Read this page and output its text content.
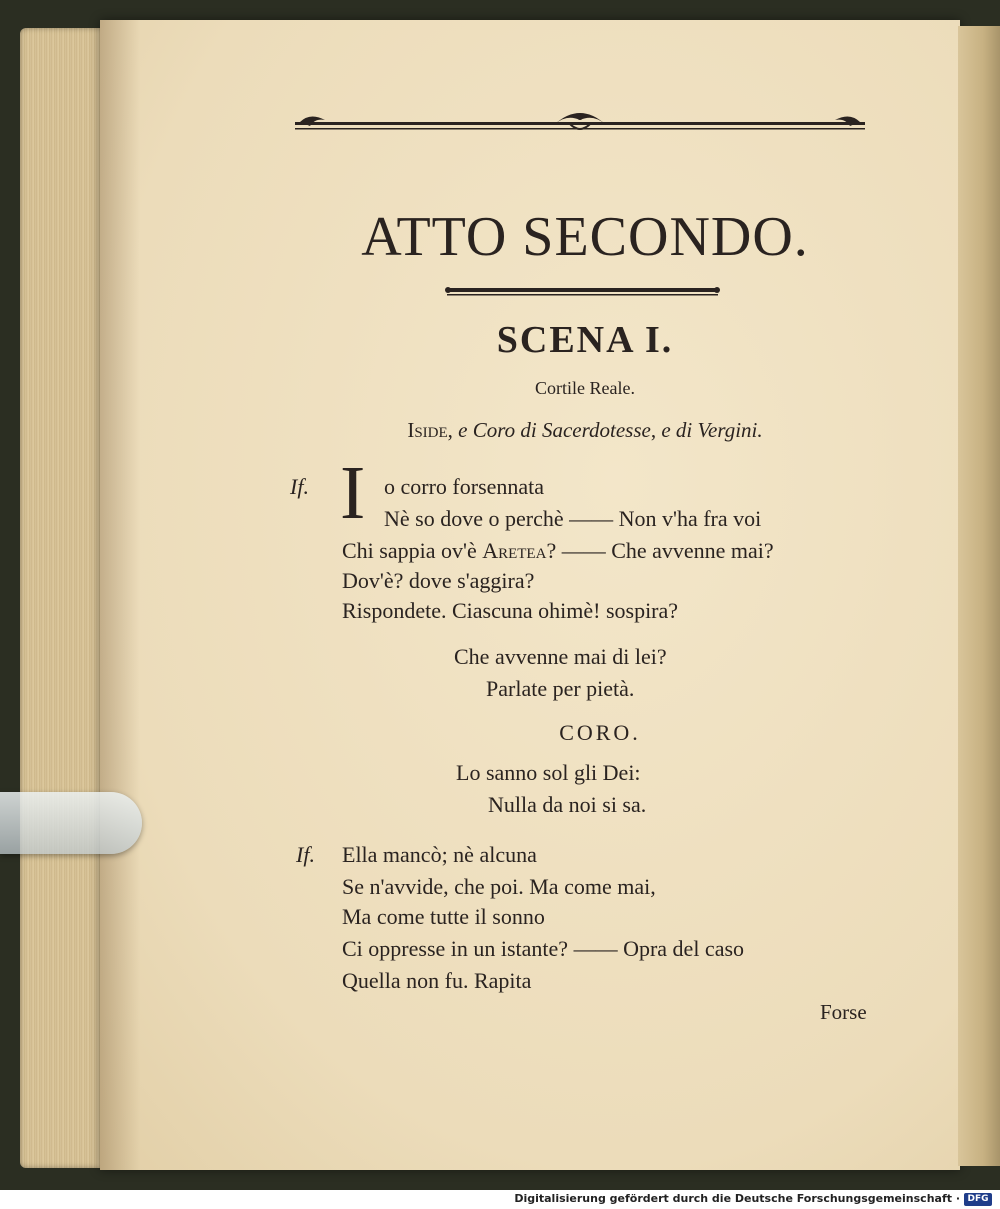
ATTO SECONDO.
SCENA I.
Cortile Reale.
Iside, e Coro di Sacerdotesse, e di Vergini.
If. I o corro forsennata
Nè so dove o perchè —— Non v'ha fra voi
Chi sappia ov'è Aretea? —— Che avvenne mai?
Dov'è? dove s'aggira?
Rispondete. Ciascuna ohimè! sospira?
Che avvenne mai di lei?
Parlate per pietà.
CORO.
Lo sanno sol gli Dei:
Nulla da noi si sa.
If. Ella mancò; nè alcuna
Se n'avvide, che poi. Ma come mai,
Ma come tutte il sonno
Ci oppresse in un istante? —— Opra del caso
Quella non fu. Rapita
Forse
Digitalisierung gefördert durch die Deutsche Forschungsgemeinschaft · DFG
